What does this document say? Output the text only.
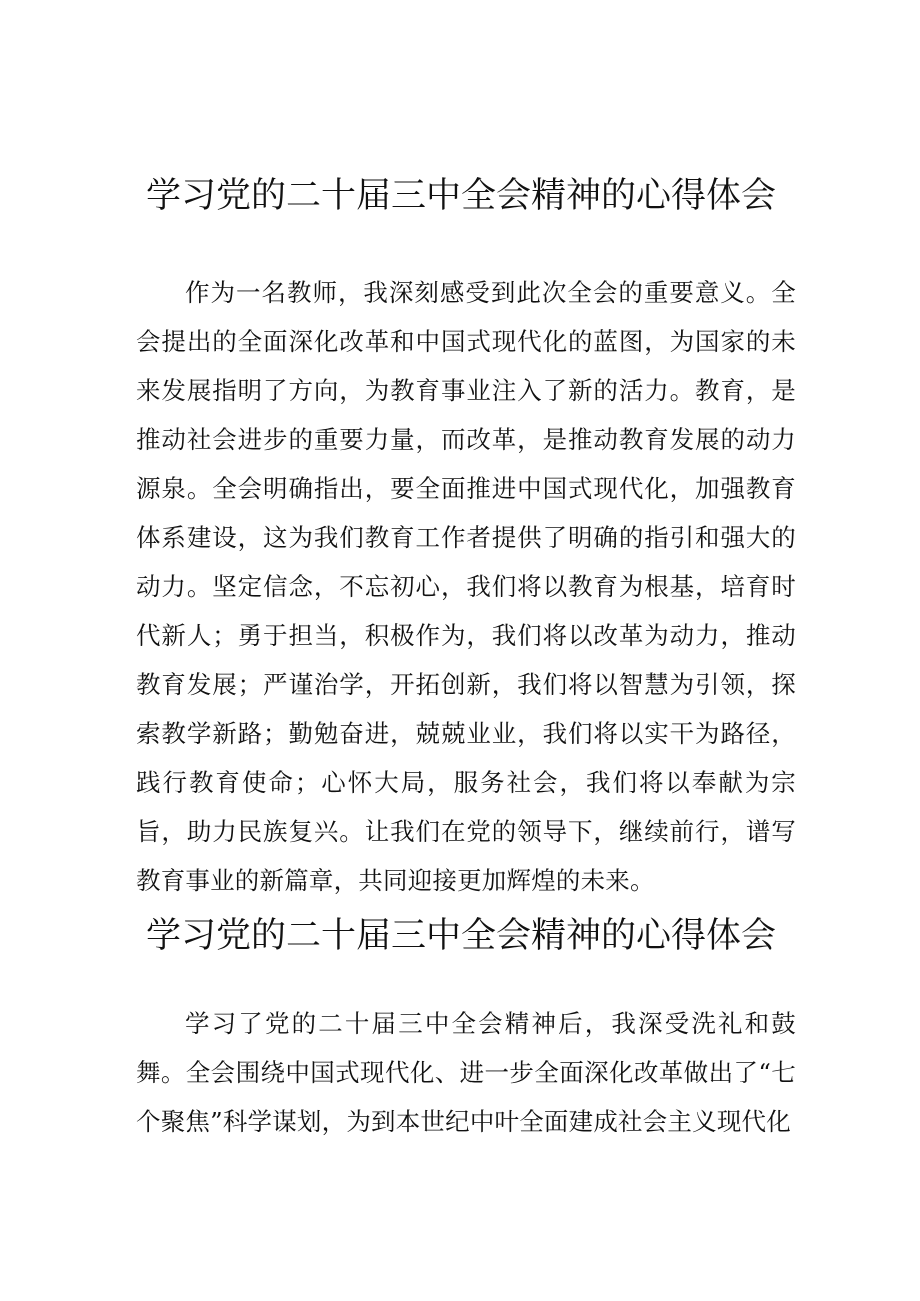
学习党的二十届三中全会精神的心得体会

作为一名教师，我深刻感受到此次全会的重要意义。全会提出的全面深化改革和中国式现代化的蓝图，为国家的未来发展指明了方向，为教育事业注入了新的活力。教育，是推动社会进步的重要力量，而改革，是推动教育发展的动力源泉。全会明确指出，要全面推进中国式现代化，加强教育体系建设，这为我们教育工作者提供了明确的指引和强大的动力。坚定信念，不忘初心，我们将以教育为根基，培育时代新人；勇于担当，积极作为，我们将以改革为动力，推动教育发展；严谨治学，开拓创新，我们将以智慧为引领，探索教学新路；勤勉奋进，兢兢业业，我们将以实干为路径，践行教育使命；心怀大局，服务社会，我们将以奉献为宗旨，助力民族复兴。让我们在党的领导下，继续前行，谱写教育事业的新篇章，共同迎接更加辉煌的未来。

学习党的二十届三中全会精神的心得体会

学习了党的二十届三中全会精神后，我深受洗礼和鼓舞。全会围绕中国式现代化、进一步全面深化改革做出了“七个聚焦”科学谋划，为到本世纪中叶全面建成社会主义现代化
